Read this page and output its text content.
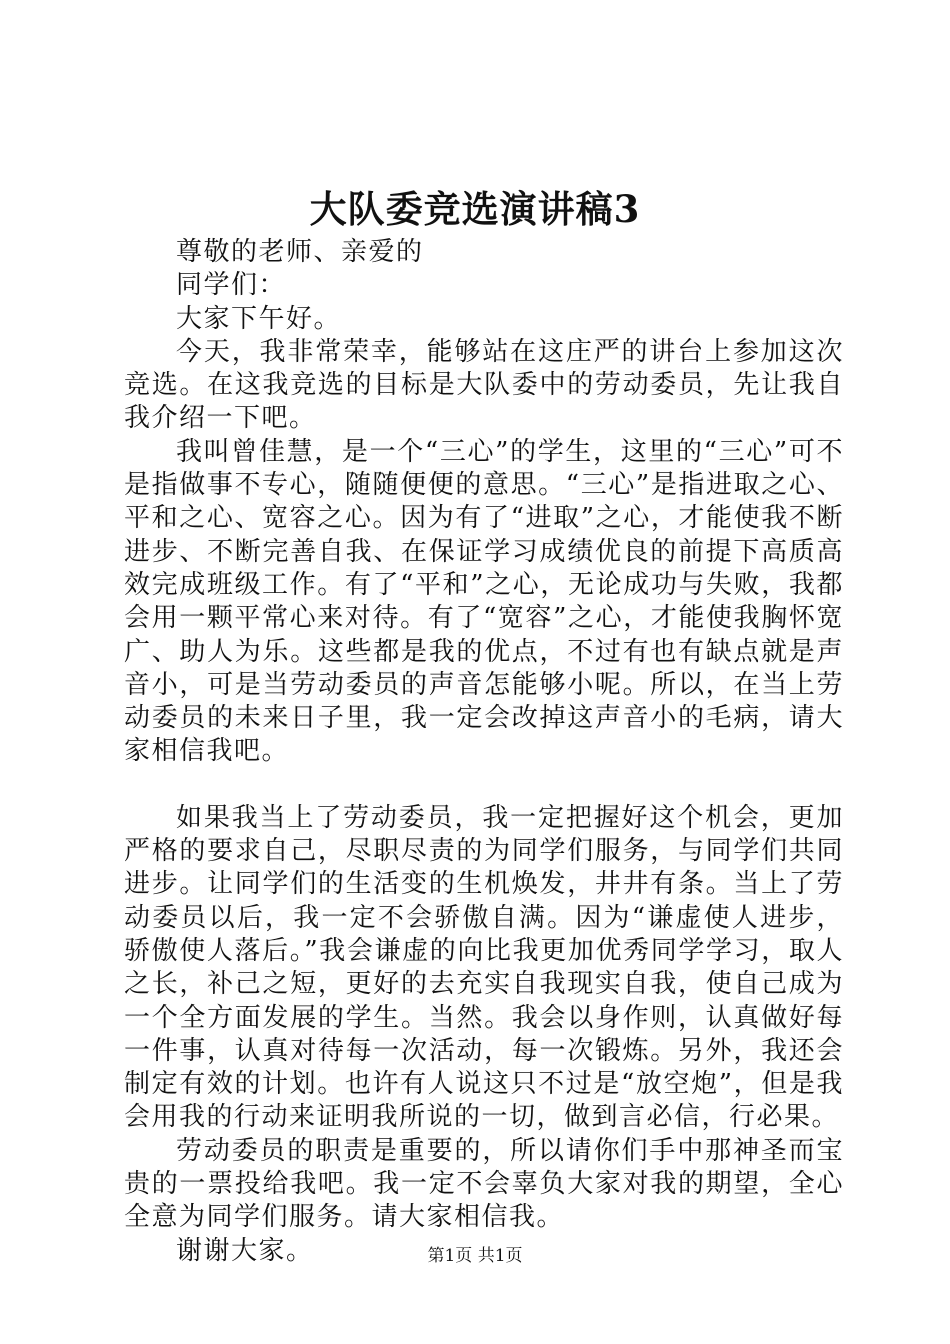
大队委竞选演讲稿3

尊敬的老师、亲爱的

同学们：

大家下午好。

今天，我非常荣幸，能够站在这庄严的讲台上参加这次竞选。在这我竞选的目标是大队委中的劳动委员，先让我自我介绍一下吧。

我叫曾佳慧，是一个“三心”的学生，这里的“三心”可不是指做事不专心，随随便便的意思。“三心”是指进取之心、平和之心、宽容之心。因为有了“进取”之心，才能使我不断进步、不断完善自我、在保证学习成绩优良的前提下高质高效完成班级工作。有了“平和”之心，无论成功与失败，我都会用一颗平常心来对待。有了“宽容”之心，才能使我胸怀宽广、助人为乐。这些都是我的优点，不过有也有缺点就是声音小，可是当劳动委员的声音怎能够小呢。所以，在当上劳动委员的未来日子里，我一定会改掉这声音小的毛病，请大家相信我吧。

如果我当上了劳动委员，我一定把握好这个机会，更加严格的要求自己，尽职尽责的为同学们服务，与同学们共同进步。让同学们的生活变的生机焕发，井井有条。当上了劳动委员以后，我一定不会骄傲自满。因为“谦虚使人进步，骄傲使人落后。”我会谦虚的向比我更加优秀同学学习，取人之长，补己之短，更好的去充实自我现实自我，使自己成为一个全方面发展的学生。当然。我会以身作则，认真做好每一件事，认真对待每一次活动，每一次锻炼。另外，我还会制定有效的计划。也许有人说这只不过是“放空炮”，但是我会用我的行动来证明我所说的一切，做到言必信，行必果。

劳动委员的职责是重要的，所以请你们手中那神圣而宝贵的一票投给我吧。我一定不会辜负大家对我的期望，全心全意为同学们服务。请大家相信我。

谢谢大家。	第1页 共1页
